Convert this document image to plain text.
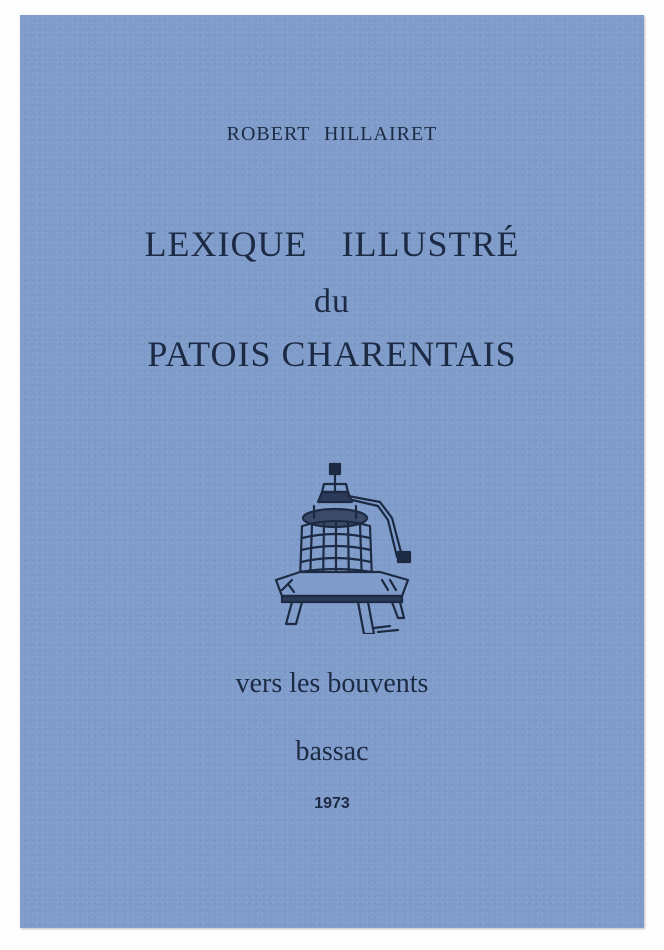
ROBERT HILLAIRET
LEXIQUE ILLUSTRÉ
du
PATOIS CHARENTAIS
vers les bouvents
bassac
1973
